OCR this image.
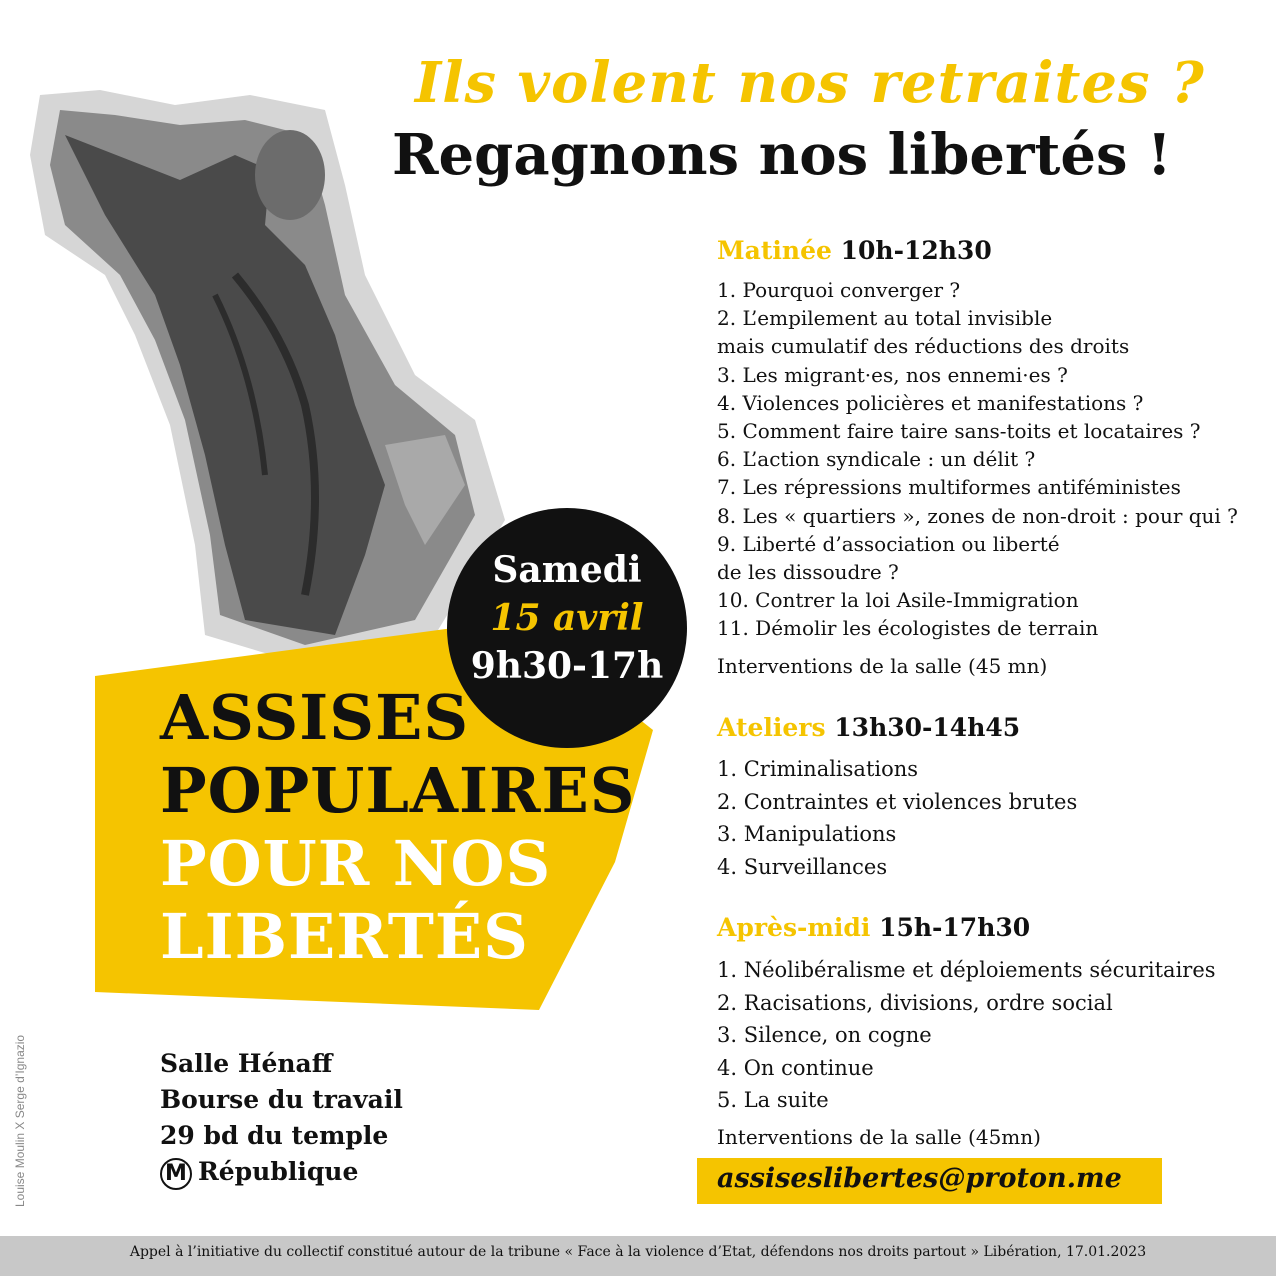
Ils volent nos retraites ?
Regagnons nos libertés !
ASSISES
POPULAIRES
POUR NOS
LIBERTÉS
Samedi
15 avril
9h30-17h
Salle Hénaff
Bourse du travail
29 bd du temple
M République
Matinée 10h-12h30
1. Pourquoi converger ?
2. L’empilement au total invisible
mais cumulatif des réductions des droits
3. Les migrant·es, nos ennemi·es ?
4. Violences policières et manifestations ?
5. Comment faire taire sans-toits et locataires ?
6. L’action syndicale : un délit ?
7. Les répressions multiformes antiféministes
8. Les « quartiers », zones de non-droit : pour qui ?
9. Liberté d’association ou liberté
de les dissoudre ?
10. Contrer la loi Asile-Immigration
11. Démolir les écologistes de terrain
Interventions de la salle (45 mn)
Ateliers 13h30-14h45
1. Criminalisations
2. Contraintes et violences brutes
3. Manipulations
4. Surveillances
Après-midi 15h-17h30
1. Néolibéralisme et déploiements sécuritaires
2. Racisations, divisions, ordre social
3. Silence, on cogne
4. On continue
5. La suite
Interventions de la salle (45mn)
assiseslibertes@proton.me
Louise Moulin X Serge d’Ignazio
Appel à l’initiative du collectif constitué autour de la tribune « Face à la violence d’Etat, défendons nos droits partout » Libération, 17.01.2023
